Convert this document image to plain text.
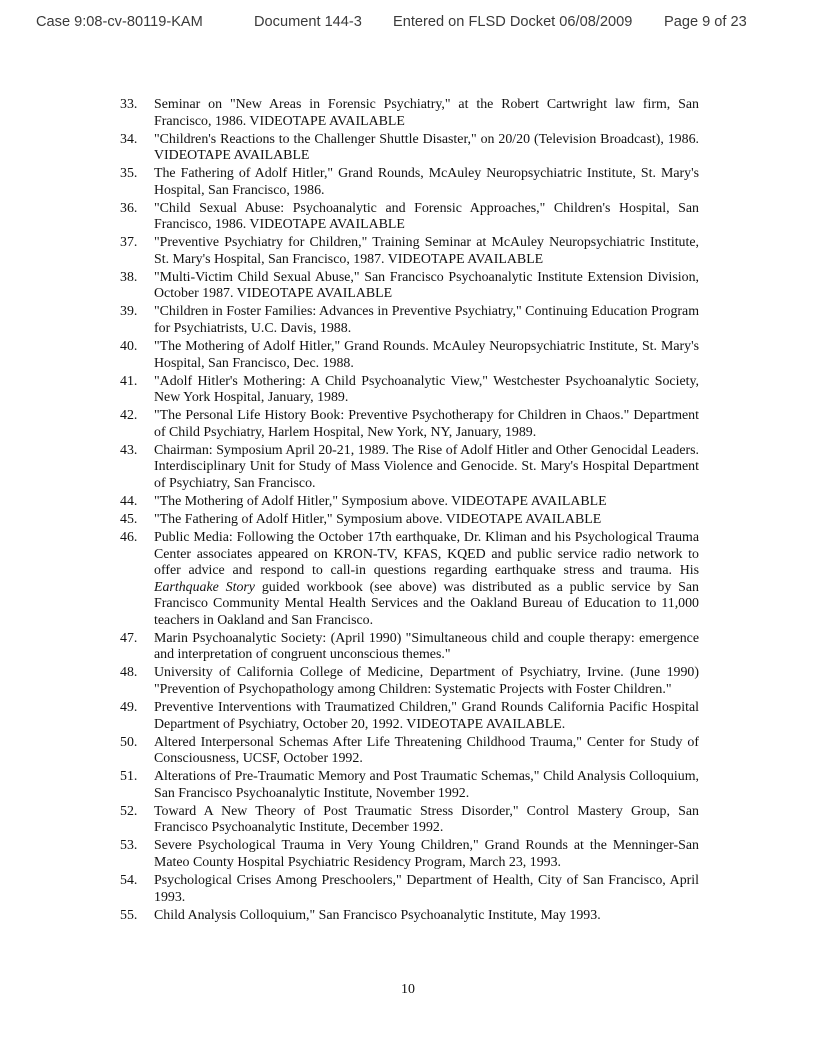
Case 9:08-cv-80119-KAM	Document 144-3 Entered on FLSD Docket 06/08/2009 Page 9 of 23
33.	Seminar on "New Areas in Forensic Psychiatry," at the Robert Cartwright law firm, San Francisco, 1986. VIDEOTAPE AVAILABLE
34.	"Children's Reactions to the Challenger Shuttle Disaster," on 20/20 (Television Broadcast), 1986. VIDEOTAPE AVAILABLE
35.	The Fathering of Adolf Hitler," Grand Rounds, McAuley Neuropsychiatric Institute, St. Mary's Hospital, San Francisco, 1986.
36.	"Child Sexual Abuse: Psychoanalytic and Forensic Approaches," Children's Hospital, San Francisco, 1986. VIDEOTAPE AVAILABLE
37.	"Preventive Psychiatry for Children," Training Seminar at McAuley Neuropsychiatric Institute, St. Mary's Hospital, San Francisco, 1987. VIDEOTAPE AVAILABLE
38.	"Multi-Victim Child Sexual Abuse," San Francisco Psychoanalytic Institute Extension Division, October 1987. VIDEOTAPE AVAILABLE
39.	"Children in Foster Families: Advances in Preventive Psychiatry," Continuing Education Program for Psychiatrists, U.C. Davis, 1988.
40.	"The Mothering of Adolf Hitler," Grand Rounds. McAuley Neuropsychiatric Institute, St. Mary's Hospital, San Francisco, Dec. 1988.
41.	"Adolf Hitler's Mothering: A Child Psychoanalytic View," Westchester Psychoanalytic Society, New York Hospital, January, 1989.
42.	"The Personal Life History Book: Preventive Psychotherapy for Children in Chaos." Department of Child Psychiatry, Harlem Hospital, New York, NY, January, 1989.
43.	Chairman: Symposium April 20-21, 1989. The Rise of Adolf Hitler and Other Genocidal Leaders. Interdisciplinary Unit for Study of Mass Violence and Genocide. St. Mary's Hospital Department of Psychiatry, San Francisco.
44.	"The Mothering of Adolf Hitler," Symposium above. VIDEOTAPE AVAILABLE
45.	"The Fathering of Adolf Hitler," Symposium above. VIDEOTAPE AVAILABLE
46.	Public Media: Following the October 17th earthquake, Dr. Kliman and his Psychological Trauma Center associates appeared on KRON-TV, KFAS, KQED and public service radio network to offer advice and respond to call-in questions regarding earthquake stress and trauma. His Earthquake Story guided workbook (see above) was distributed as a public service by San Francisco Community Mental Health Services and the Oakland Bureau of Education to 11,000 teachers in Oakland and San Francisco.
47.	Marin Psychoanalytic Society: (April 1990) "Simultaneous child and couple therapy: emergence and interpretation of congruent unconscious themes."
48.	University of California College of Medicine, Department of Psychiatry, Irvine. (June 1990) "Prevention of Psychopathology among Children: Systematic Projects with Foster Children."
49.	Preventive Interventions with Traumatized Children," Grand Rounds California Pacific Hospital Department of Psychiatry, October 20, 1992. VIDEOTAPE AVAILABLE.
50.	Altered Interpersonal Schemas After Life Threatening Childhood Trauma," Center for Study of Consciousness, UCSF, October 1992.
51.	Alterations of Pre-Traumatic Memory and Post Traumatic Schemas," Child Analysis Colloquium, San Francisco Psychoanalytic Institute, November 1992.
52.	Toward A New Theory of Post Traumatic Stress Disorder," Control Mastery Group, San Francisco Psychoanalytic Institute, December 1992.
53.	Severe Psychological Trauma in Very Young Children," Grand Rounds at the Menninger-San Mateo County Hospital Psychiatric Residency Program, March 23, 1993.
54.	Psychological Crises Among Preschoolers," Department of Health, City of San Francisco, April 1993.
55.	Child Analysis Colloquium," San Francisco Psychoanalytic Institute, May 1993.
10
